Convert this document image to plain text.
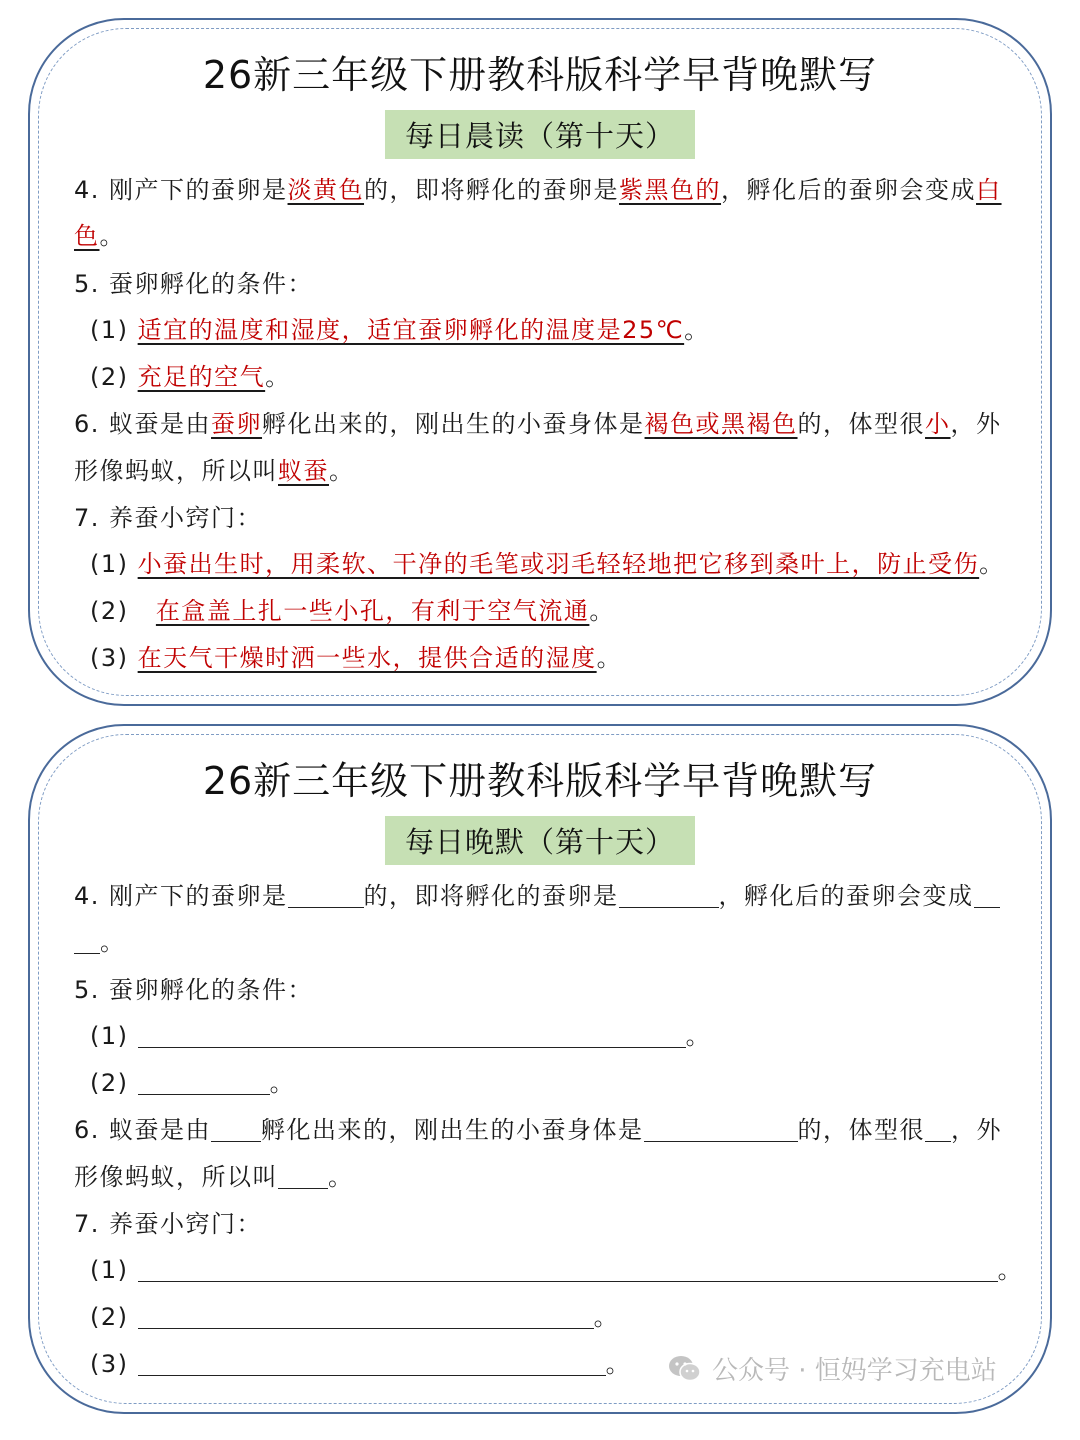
26新三年级下册教科版科学早背晚默写
每日晨读（第十天）
4. 刚产下的蚕卵是淡黄色的，即将孵化的蚕卵是紫黑色的，孵化后的蚕卵会变成白
色。
5. 蚕卵孵化的条件：
(1) 适宜的温度和湿度，适宜蚕卵孵化的温度是25℃。
(2) 充足的空气。
6. 蚁蚕是由蚕卵孵化出来的，刚出生的小蚕身体是褐色或黑褐色的，体型很小，外
形像蚂蚁，所以叫蚁蚕。
7. 养蚕小窍门：
(1) 小蚕出生时，用柔软、干净的毛笔或羽毛轻轻地把它移到桑叶上，防止受伤。
(2) 在盒盖上扎一些小孔，有利于空气流通。
(3) 在天气干燥时洒一些水，提供合适的湿度。
26新三年级下册教科版科学早背晚默写
每日晚默（第十天）
4. 刚产下的蚕卵是	的，即将孵化的蚕卵是	，孵化后的蚕卵会变成
。
5. 蚕卵孵化的条件：
(1)	。
(2)	。
6. 蚁蚕是由 孵化出来的，刚出生的小蚕身体是	的，体型很 ，外
形像蚂蚁，所以叫 。
7. 养蚕小窍门：
(1)	。
(2)	。
(3)	。	公众号 · 恒妈学习充电站
